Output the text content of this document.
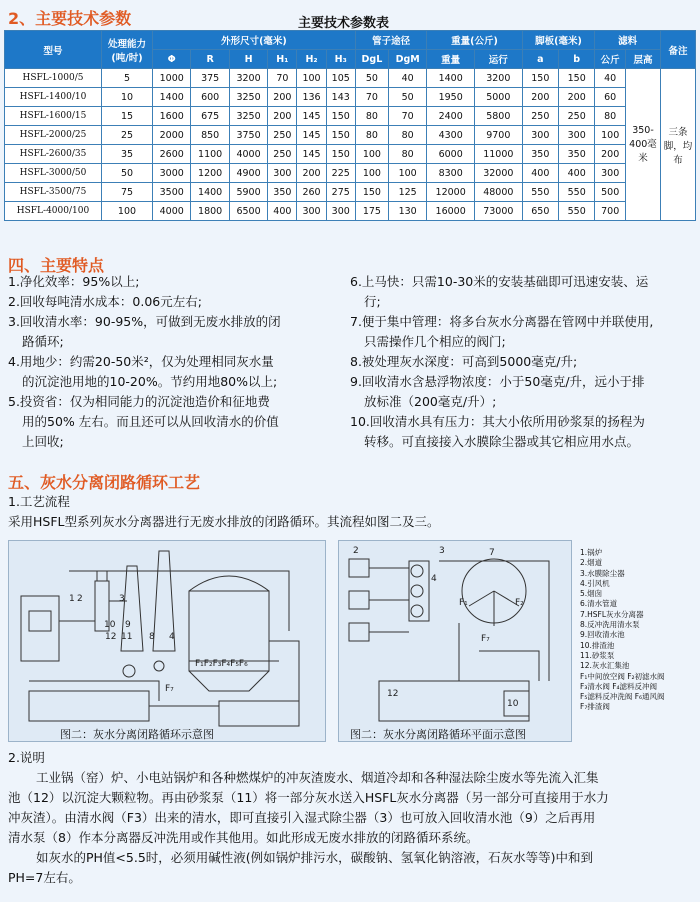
2、主要技术参数	主要技术参数表
型号	处理能力(吨/时)	外形尺寸(毫米)						管子途径		重量(公斤)		脚板(毫米)		滤料		备注
		Φ	R	H	H₁	H₂	H₃	DgL	DgM	重量	运行	a	b	公斤	层高	
HSFL-1000/5	5	1000	375	3200	70	100	105	50	40	1400	3200	150	150	40	350-400毫米	三条脚，均布
HSFL-1400/10	10	1400	600	3250	200	136	143	70	50	1950	5000	200	200	60		
HSFL-1600/15	15	1600	675	3250	200	145	150	80	70	2400	5800	250	250	80		
HSFL-2000/25	25	2000	850	3750	250	145	150	80	80	4300	9700	300	300	100		
HSFL-2600/35	35	2600	1100	4000	250	145	150	100	80	6000	11000	350	350	200		
HSFL-3000/50	50	3000	1200	4900	300	200	225	100	100	8300	32000	400	400	300		
HSFL-3500/75	75	3500	1400	5900	350	260	275	150	125	12000	48000	550	550	500		
HSFL-4000/100	100	4000	1800	6500	400	300	300	175	130	16000	73000	650	550	700		
四、主要特点
1.净化效率：95%以上;
2.回收每吨清水成本：0.06元左右;
3.回收清水率：90-95%，可做到无废水排放的闭
路循环;
4.用地少：约需20-50米²，仅为处理相同灰水量
的沉淀池用地的10-20%。节约用地80%以上;
5.投资省：仅为相同能力的沉淀池造价和征地费
用的50% 左右。而且还可以从回收清水的价值
上回收;
6.上马快：只需10-30米的安装基础即可迅速安装、运
行;
7.便于集中管理：将多台灰水分离器在管网中并联使用,
只需操作几个相应的阀门;
8.被处理灰水深度：可高到5000毫克/升;
9.回收清水含悬浮物浓度：小于50毫克/升，远小于排
放标准（200毫克/升）;
10.回收清水具有压力：其大小依所用砂浆泵的扬程为
转移。可直接接入水膜除尘器或其它相应用水点。
五、灰水分离闭路循环工艺
1.工艺流程
采用HSFL型系列灰水分离器进行无废水排放的闭路循环。其流程如图二及三。
1 2	3
12 11 8
10 9
4
F₁F₂F₃F₄F₅F₆
F₇
图二：灰水分离闭路循环示意图
2	3	7
4
F₇
12
10
F₂
F₁
图二：灰水分离闭路循环平面示意图
1.锅炉
2.烟道
3.水膜除尘器
4.引风机
5.烟囱
6.清水管道
7.HSFL灰水分离器
8.反冲洗用清水泵
9.回收清水池
10.排渣池
11.砂浆泵
12.灰水汇集池
F₁中间放空阀 F₂初滤水阀
F₃清水阀 F₄滤料反冲阀
F₅滤料反冲洗阀 F₆通风阀
F₇排渣阀
2.说明
工业锅（窑）炉、小电站锅炉和各种燃煤炉的冲灰渣废水、烟道冷却和各种湿法除尘废水等先流入汇集
池（12）以沉淀大颗粒物。再由砂浆泵（11）将一部分灰水送入HSFL灰水分离器（另一部分可直接用于水力
冲灰渣）。由清水阀（F3）出来的清水，即可直接引入湿式除尘器（3）也可放入回收清水池（9）之后再用
清水泵（8）作本分离器反冲洗用或作其他用。如此形成无废水排放的闭路循环系统。
如灰水的PH值<5.5时，必须用碱性液(例如锅炉排污水，碳酸钠、氢氧化钠溶液，石灰水等等)中和到
PH=7左右。
